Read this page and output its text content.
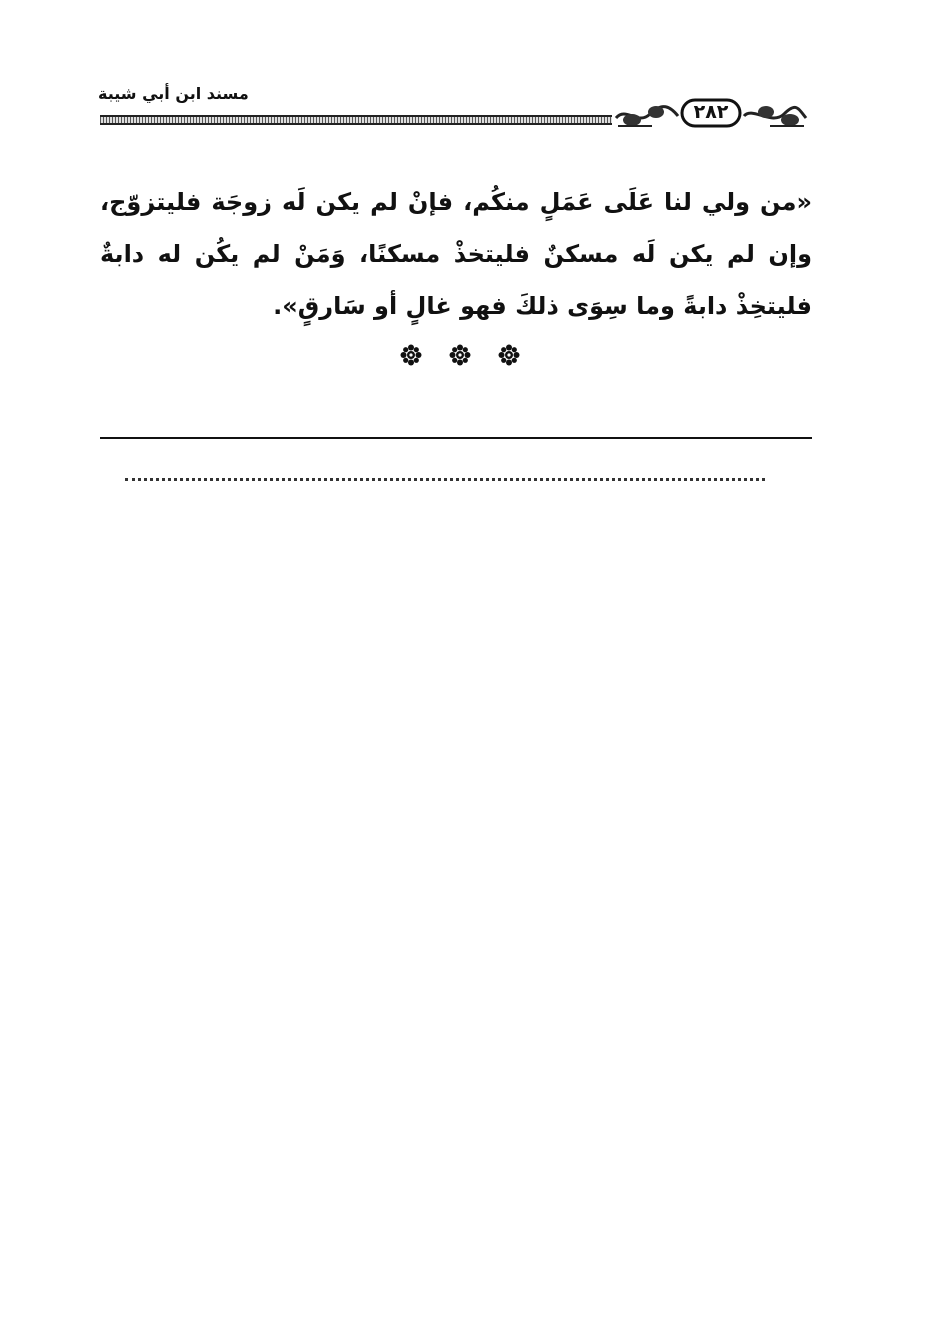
مسند ابن أبي شيبة
٢٨٢
«من ولي لنا عَلَى عَمَلٍ منكُم، فإنْ لم يكن لَه زوجَة فليتزوّج، وإن لم يكن لَه مسكنٌ فليتخذْ مسكنًا، وَمَنْ لم يكُن له دابةٌ فليتخِذْ دابةً وما سِوَى ذلكَ فهو غالٍ أو سَارقٍ».
